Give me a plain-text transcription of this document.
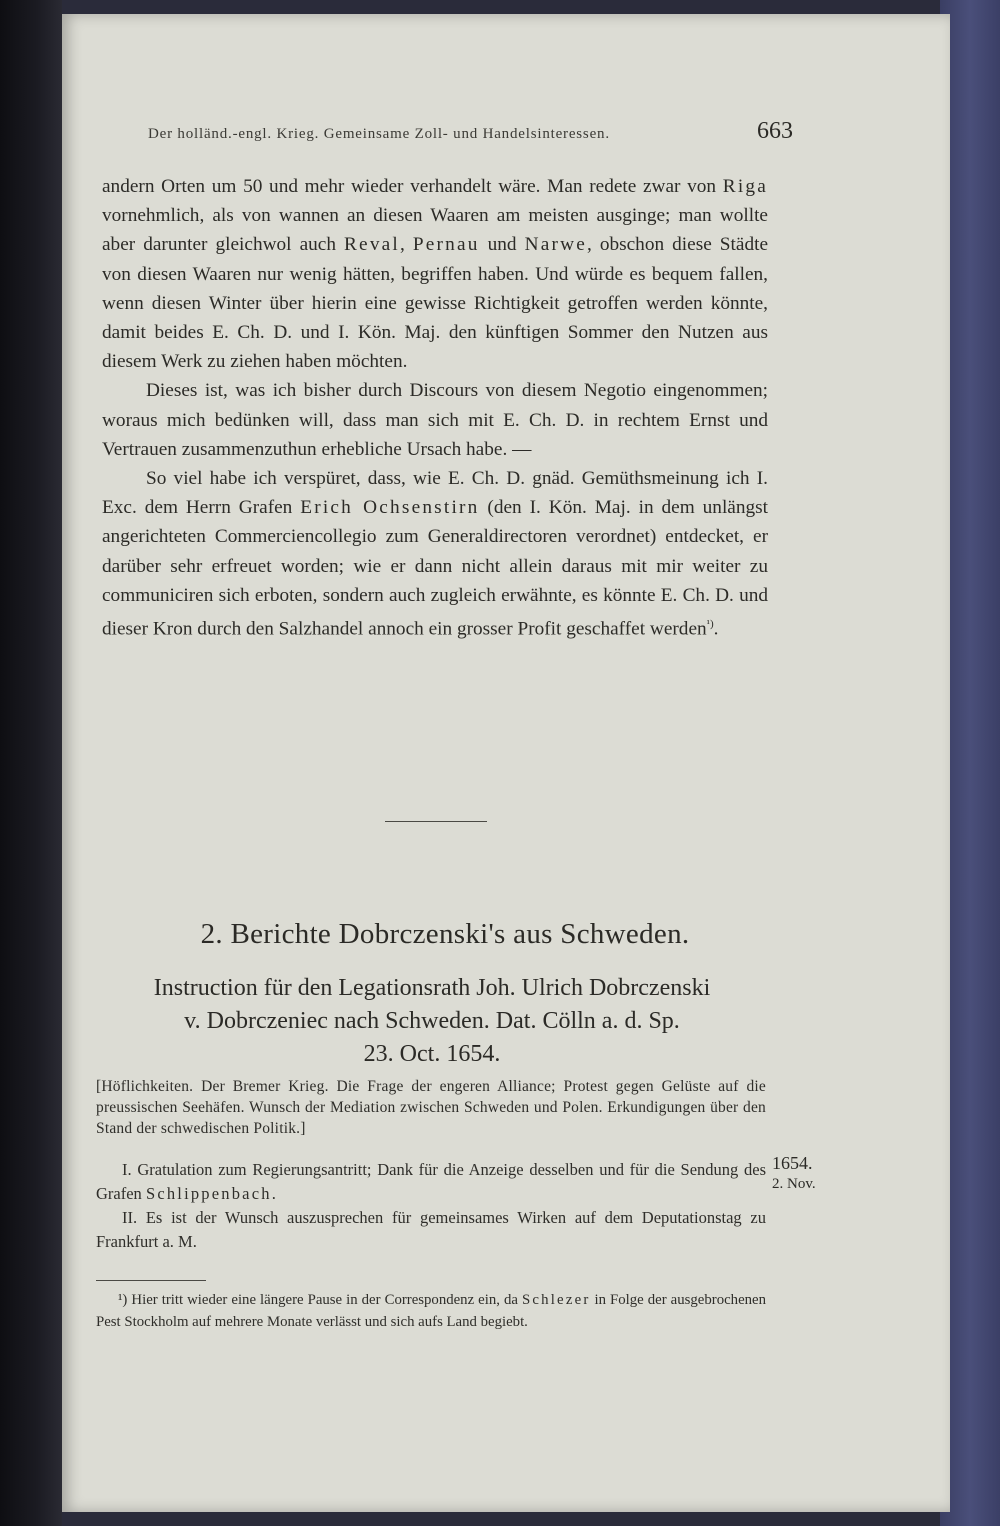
Der holländ.-engl. Krieg. Gemeinsame Zoll- und Handelsinteressen.	663

andern Orten um 50 und mehr wieder verhandelt wäre. Man redete zwar von Riga vornehmlich, als von wannen an diesen Waaren am meisten ausginge; man wollte aber darunter gleichwol auch Reval, Pernau und Narwe, obschon diese Städte von diesen Waaren nur wenig hätten, begriffen haben. Und würde es bequem fallen, wenn diesen Winter über hierin eine gewisse Richtigkeit getroffen werden könnte, damit beides E. Ch. D. und I. Kön. Maj. den künftigen Sommer den Nutzen aus diesem Werk zu ziehen haben möchten.

Dieses ist, was ich bisher durch Discours von diesem Negotio eingenommen; woraus mich bedünken will, dass man sich mit E. Ch. D. in rechtem Ernst und Vertrauen zusammenzuthun erhebliche Ursach habe. —

So viel habe ich verspüret, dass, wie E. Ch. D. gnäd. Gemüthsmeinung ich I. Exc. dem Herrn Grafen Erich Ochsenstirn (den I. Kön. Maj. in dem unlängst angerichteten Commerciencollegio zum Generaldirectoren verordnet) entdecket, er darüber sehr erfreuet worden; wie er dann nicht allein daraus mit mir weiter zu communiciren sich erboten, sondern auch zugleich erwähnte, es könnte E. Ch. D. und dieser Kron durch den Salzhandel annoch ein grosser Profit geschaffet werden$^{^1)}$.

2. Berichte Dobrczenski's aus Schweden.
Instruction für den Legationsrath Joh. Ulrich Dobrczenski
v. Dobrczeniec nach Schweden. Dat. Cölln a. d. Sp.
23. Oct. 1654.
[Höflichkeiten. Der Bremer Krieg. Die Frage der engeren Alliance; Protest gegen Gelüste auf die preussischen Seehäfen. Wunsch der Mediation zwischen Schweden und Polen. Erkundigungen über den Stand der schwedischen Politik.]

I. Gratulation zum Regierungsantritt; Dank für die Anzeige desselben und für die Sendung des Grafen Schlippenbach.

II. Es ist der Wunsch auszusprechen für gemeinsames Wirken auf dem Deputationstag zu Frankfurt a. M.

1654.
2. Nov.

¹) Hier tritt wieder eine längere Pause in der Correspondenz ein, da Schlezer in Folge der ausgebrochenen Pest Stockholm auf mehrere Monate verlässt und sich aufs Land begiebt.
